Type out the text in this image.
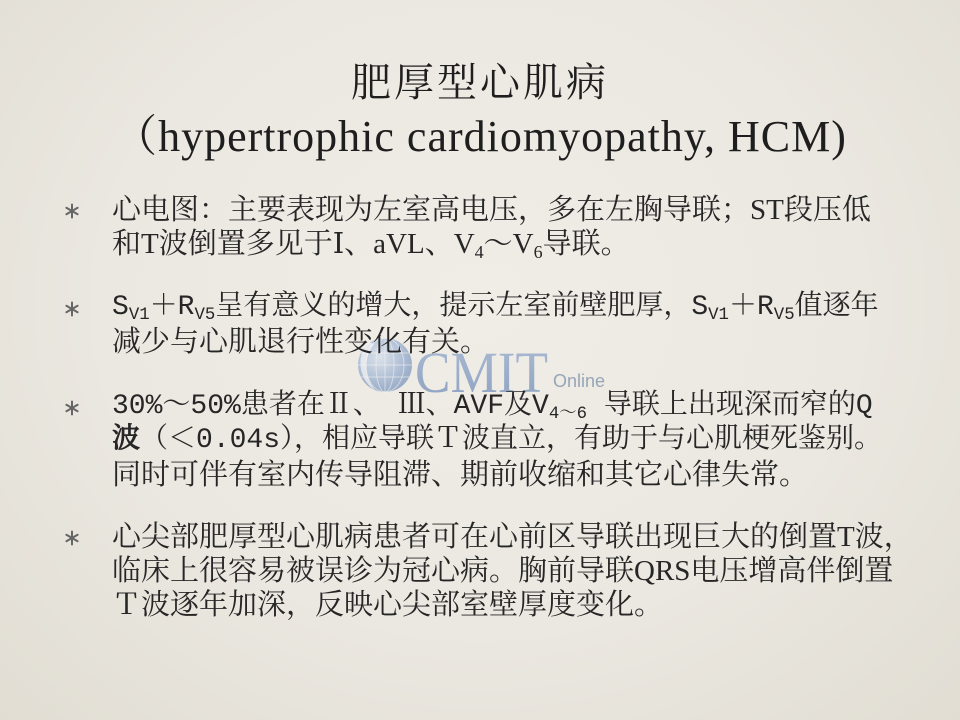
CMIT Online
肥厚型心肌病
（hypertrophic cardiomyopathy, HCM)
心电图：主要表现为左室高电压，多在左胸导联；ST段压低
和T波倒置多见于Ⅰ、aVL、$V_4\sim V_6$导联。
$S_{V1}+R_{V5}$呈有意义的增大，提示左室前壁肥厚，$S_{V1}+R_{V5}$值逐年
减少与心肌退行性变化有关。
30%～50%患者在Ⅱ、 Ⅲ、AVF及$V_{4\sim 6}$ 导联上出现深而窄的Q
波（＜0.04s），相应导联Ｔ波直立，有助于与心肌梗死鉴别。
同时可伴有室内传导阻滞、期前收缩和其它心律失常。
心尖部肥厚型心肌病患者可在心前区导联出现巨大的倒置T波，
临床上很容易被误诊为冠心病。胸前导联QRS电压增高伴倒置
Ｔ波逐年加深，反映心尖部室壁厚度变化。
